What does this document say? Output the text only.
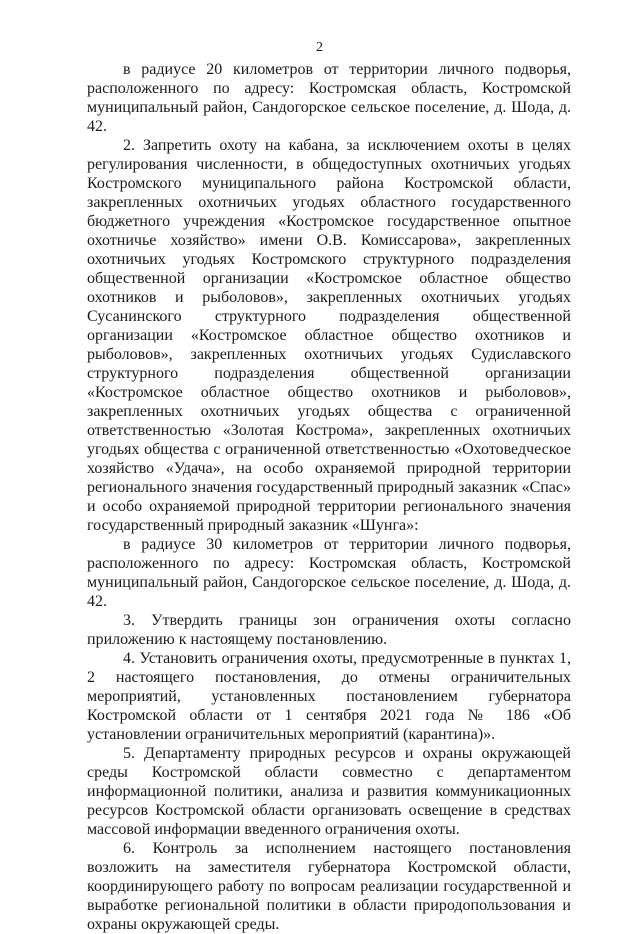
2

в радиусе 20 километров от территории личного подворья, расположенного по адресу: Костромская область, Костромской муниципальный район, Сандогорское сельское поселение, д. Шода, д. 42.

2. Запретить охоту на кабана, за исключением охоты в целях регулирования численности, в общедоступных охотничьих угодьях Костромского муниципального района Костромской области, закрепленных охотничьих угодьях областного государственного бюджетного учреждения «Костромское государственное опытное охотничье хозяйство» имени О.В. Комиссарова», закрепленных охотничьих угодьях Костромского структурного подразделения общественной организации «Костромское областное общество охотников и рыболовов», закрепленных охотничьих угодьях Сусанинского структурного подразделения общественной организации «Костромское областное общество охотников и рыболовов», закрепленных охотничьих угодьях Судиславского структурного подразделения общественной организации «Костромское областное общество охотников и рыболовов», закрепленных охотничьих угодьях общества с ограниченной ответственностью «Золотая Кострома», закрепленных охотничьих угодьях общества с ограниченной ответственностью «Охотоведческое хозяйство «Удача», на особо охраняемой природной территории регионального значения государственный природный заказник «Спас» и особо охраняемой природной территории регионального значения государственный природный заказник «Шунга»:

в радиусе 30 километров от территории личного подворья, расположенного по адресу: Костромская область, Костромской муниципальный район, Сандогорское сельское поселение, д. Шода, д. 42.

3. Утвердить границы зон ограничения охоты согласно приложению к настоящему постановлению.

4. Установить ограничения охоты, предусмотренные в пунктах 1, 2 настоящего постановления, до отмены ограничительных мероприятий, установленных постановлением губернатора Костромской области от 1 сентября 2021 года № 186 «Об установлении ограничительных мероприятий (карантина)».

5. Департаменту природных ресурсов и охраны окружающей среды Костромской области совместно с департаментом информационной политики, анализа и развития коммуникационных ресурсов Костромской области организовать освещение в средствах массовой информации введенного ограничения охоты.

6. Контроль за исполнением настоящего постановления возложить на заместителя губернатора Костромской области, координирующего работу по вопросам реализации государственной и выработке региональной политики в области природопользования и охраны окружающей среды.
